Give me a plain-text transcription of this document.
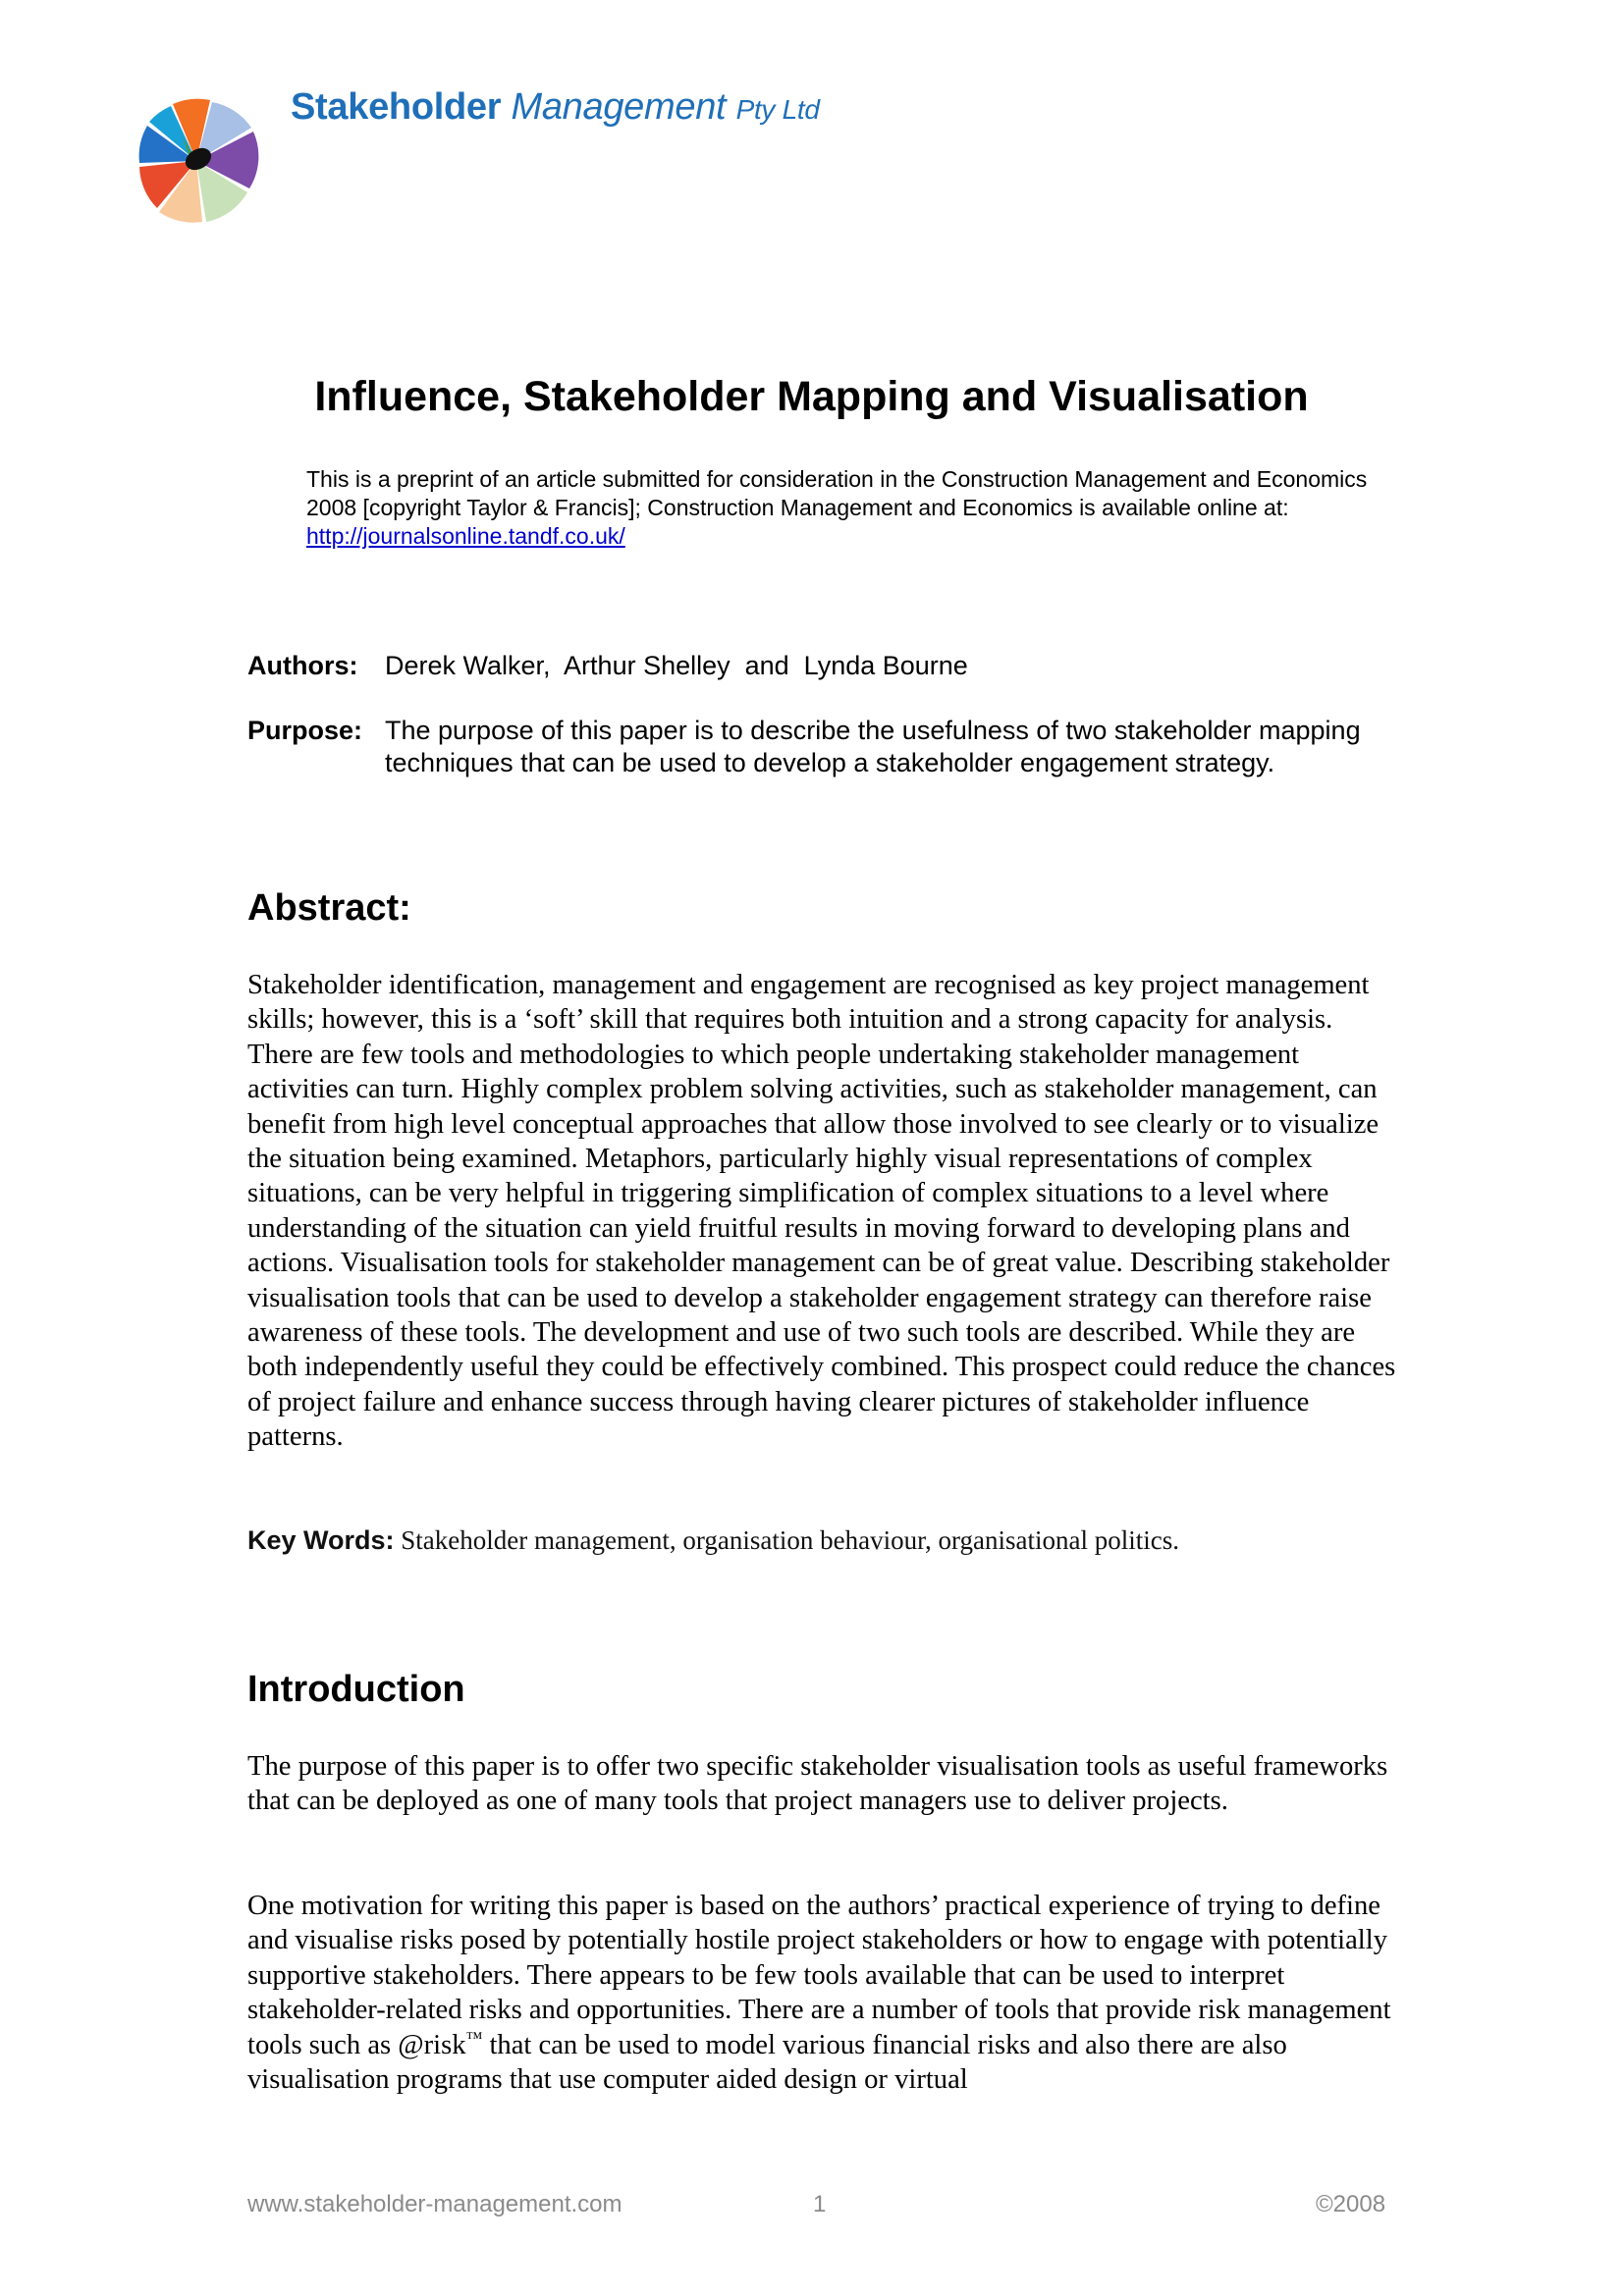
Stakeholder Management Pty Ltd
Influence, Stakeholder Mapping and Visualisation
This is a preprint of an article submitted for consideration in the Construction Management and Economics 2008 [copyright Taylor & Francis]; Construction Management and Economics is available online at: http://journalsonline.tandf.co.uk/
Authors: Derek Walker,  Arthur Shelley  and  Lynda Bourne
Purpose: The purpose of this paper is to describe the usefulness of two stakeholder mapping
techniques that can be used to develop a stakeholder engagement strategy.
Abstract:

Stakeholder identification, management and engagement are recognised as key project management skills; however, this is a ‘soft’ skill that requires both intuition and a strong capacity for analysis. There are few tools and methodologies to which people undertaking stakeholder management activities can turn. Highly complex problem solving activities, such as stakeholder management, can benefit from high level conceptual approaches that allow those involved to see clearly or to visualize the situation being examined. Metaphors, particularly highly visual representations of complex situations, can be very helpful in triggering simplification of complex situations to a level where understanding of the situation can yield fruitful results in moving forward to developing plans and actions. Visualisation tools for stakeholder management can be of great value. Describing stakeholder visualisation tools that can be used to develop a stakeholder engagement strategy can therefore raise awareness of these tools. The development and use of two such tools are described. While they are both independently useful they could be effectively combined. This prospect could reduce the chances of project failure and enhance success through having clearer pictures of stakeholder influence patterns.

Key Words: Stakeholder management, organisation behaviour, organisational politics.
Introduction

The purpose of this paper is to offer two specific stakeholder visualisation tools as useful frameworks that can be deployed as one of many tools that project managers use to deliver projects.

One motivation for writing this paper is based on the authors’ practical experience of trying to define and visualise risks posed by potentially hostile project stakeholders or how to engage with potentially supportive stakeholders. There appears to be few tools available that can be used to interpret stakeholder-related risks and opportunities. There are a number of tools that provide risk management tools such as @risk™ that can be used to model various financial risks and also there are also visualisation programs that use computer aided design or virtual

www.stakeholder-management.com	1	©2008
